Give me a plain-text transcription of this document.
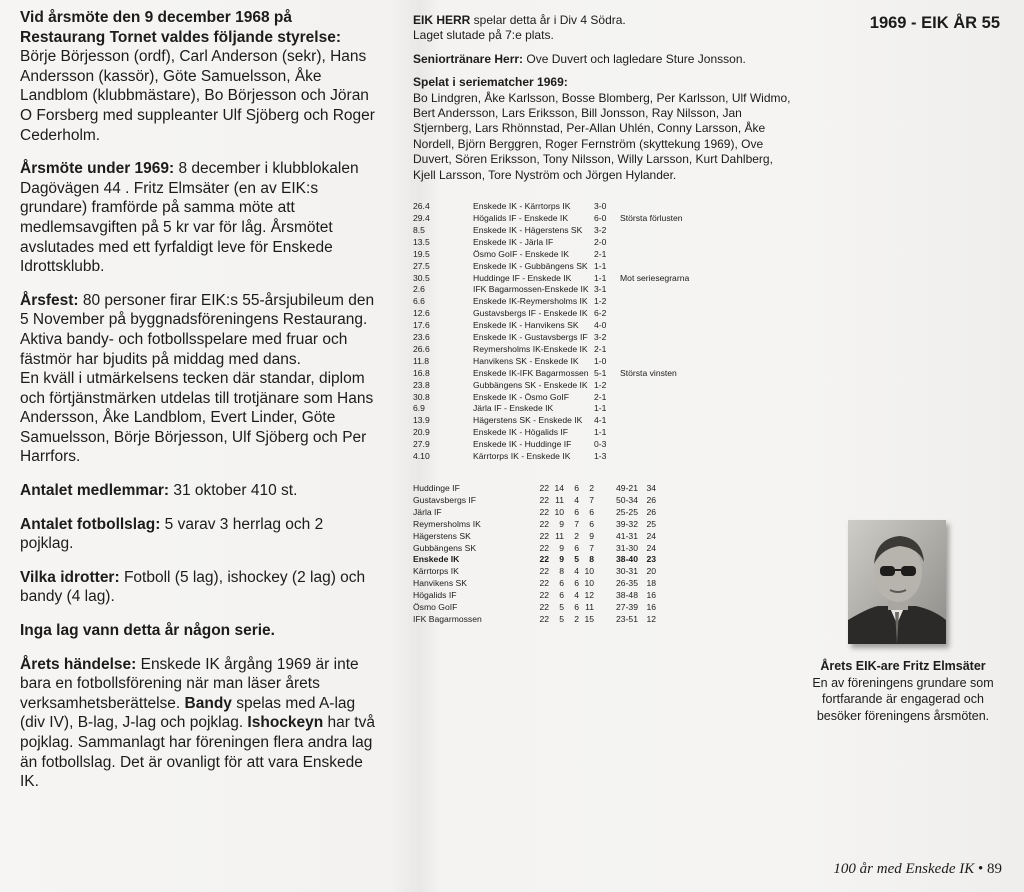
1969 - EIK ÅR 55

Vid årsmöte den 9 december 1968 på Restaurang Tornet valdes följande styrelse: Börje Börjesson (ordf), Carl Anderson (sekr), Hans Andersson (kassör), Göte Samuelsson, Åke Landblom (klubbmästare), Bo Börjesson och Jöran O Forsberg med suppleanter Ulf Sjöberg och Roger Cederholm.

Årsmöte under 1969: 8 december i klubblokalen Dagövägen 44 . Fritz Elmsäter (en av EIK:s grundare) framförde på samma möte att medlemsavgiften på 5 kr var för låg. Årsmötet avslutades med ett fyrfaldigt leve för Enskede Idrottsklubb.

Årsfest: 80 personer firar EIK:s 55-årsjubileum den 5 November på byggnadsföreningens Restaurang. Aktiva bandy- och fotbollsspelare med fruar och fästmör har bjudits på middag med dans.
En kväll i utmärkelsens tecken där standar, diplom och förtjänstmärken utdelas till trotjänare som Hans Andersson, Åke Landblom, Evert Linder, Göte Samuelsson, Börje Börjesson, Ulf Sjöberg och Per Harrfors.

Antalet medlemmar: 31 oktober 410 st.

Antalet fotbollslag: 5 varav 3 herrlag och 2 pojklag.

Vilka idrotter: Fotboll (5 lag), ishockey (2 lag) och bandy (4 lag).

Inga lag vann detta år någon serie.

Årets händelse: Enskede IK årgång 1969 är inte bara en fotbollsförening när man läser årets verksamhetsberättelse. Bandy spelas med A-lag (div IV), B-lag, J-lag och pojklag. Ishockeyn har två pojklag. Sammanlagt har föreningen flera andra lag än fotbollslag. Det är ovanligt för att vara Enskede IK.

EIK HERR spelar detta år i Div 4 Södra.
Laget slutade på 7:e plats.

Seniortränare Herr: Ove Duvert och lagledare Sture Jonsson.

Spelat i seriematcher 1969:
Bo Lindgren, Åke Karlsson, Bosse Blomberg, Per Karlsson, Ulf Widmo, Bert Andersson, Lars Eriksson, Bill Jonsson, Ray Nilsson, Jan Stjernberg, Lars Rhönnstad, Per-Allan Uhlén, Conny Larsson, Åke Nordell, Björn Berggren, Roger Fernström (skyttekung 1969), Ove Duvert, Sören Eriksson, Tony Nilsson, Willy Larsson, Kurt Dahlberg, Kjell Larsson, Tore Nyström och Jörgen Hylander.

26.4	Enskede IK - Kärrtorps IK	3-0
29.4	Högalids IF - Enskede IK	6-0	Största förlusten
8.5	Enskede IK - Hägerstens SK	3-2
13.5	Enskede IK - Järla IF	2-0
19.5	Ösmo GoIF - Enskede IK	2-1
27.5	Enskede IK - Gubbängens SK 1-1
30.5	Huddinge IF - Enskede IK	1-1	Mot seriesegrarna
2.6	IFK Bagarmossen-Enskede IK 3-1
6.6	Enskede IK-Reymersholms IK 1-2
12.6	Gustavsbergs IF - Enskede IK 6-2
17.6	Enskede IK - Hanvikens SK	4-0
23.6	Enskede IK - Gustavsbergs IF 3-2
26.6	Reymersholms IK-Enskede IK 2-1
11.8	Hanvikens SK - Enskede IK	1-0
16.8	Enskede IK-IFK Bagarmossen 5-1	Största vinsten
23.8	Gubbängens SK - Enskede IK 1-2
30.8	Enskede IK - Ösmo GoIF	2-1
6.9	Järla IF - Enskede IK	1-1
13.9	Hägerstens SK - Enskede IK	4-1
20.9	Enskede IK - Högalids IF	1-1
27.9	Enskede IK - Huddinge IF	0-3
4.10	Kärrtorps IK - Enskede IK	1-3
Huddinge IF	22 14	6	2	49-21 34
Gustavsbergs IF	22 11	4	7	50-34 26
Järla IF	22 10	6	6	25-25 26
Reymersholms IK	22	9	7	6	39-32 25
Hägerstens SK	22 11	2	9	41-31 24
Gubbängens SK	22	9	6	7	31-30 24
Enskede IK	22	9	5	8	38-40 23
Kärrtorps IK	22	8	4 10	30-31 20
Hanvikens SK	22	6	6 10	26-35 18
Högalids IF	22	6	4 12	38-48 16
Ösmo GoIF	22	5	6 11	27-39 16
IFK Bagarmossen	22	5	2 15	23-51 12
Årets EIK-are Fritz Elmsäter
En av föreningens grundare som fortfarande är engagerad och besöker föreningens årsmöten.
100 år med Enskede IK • 89
